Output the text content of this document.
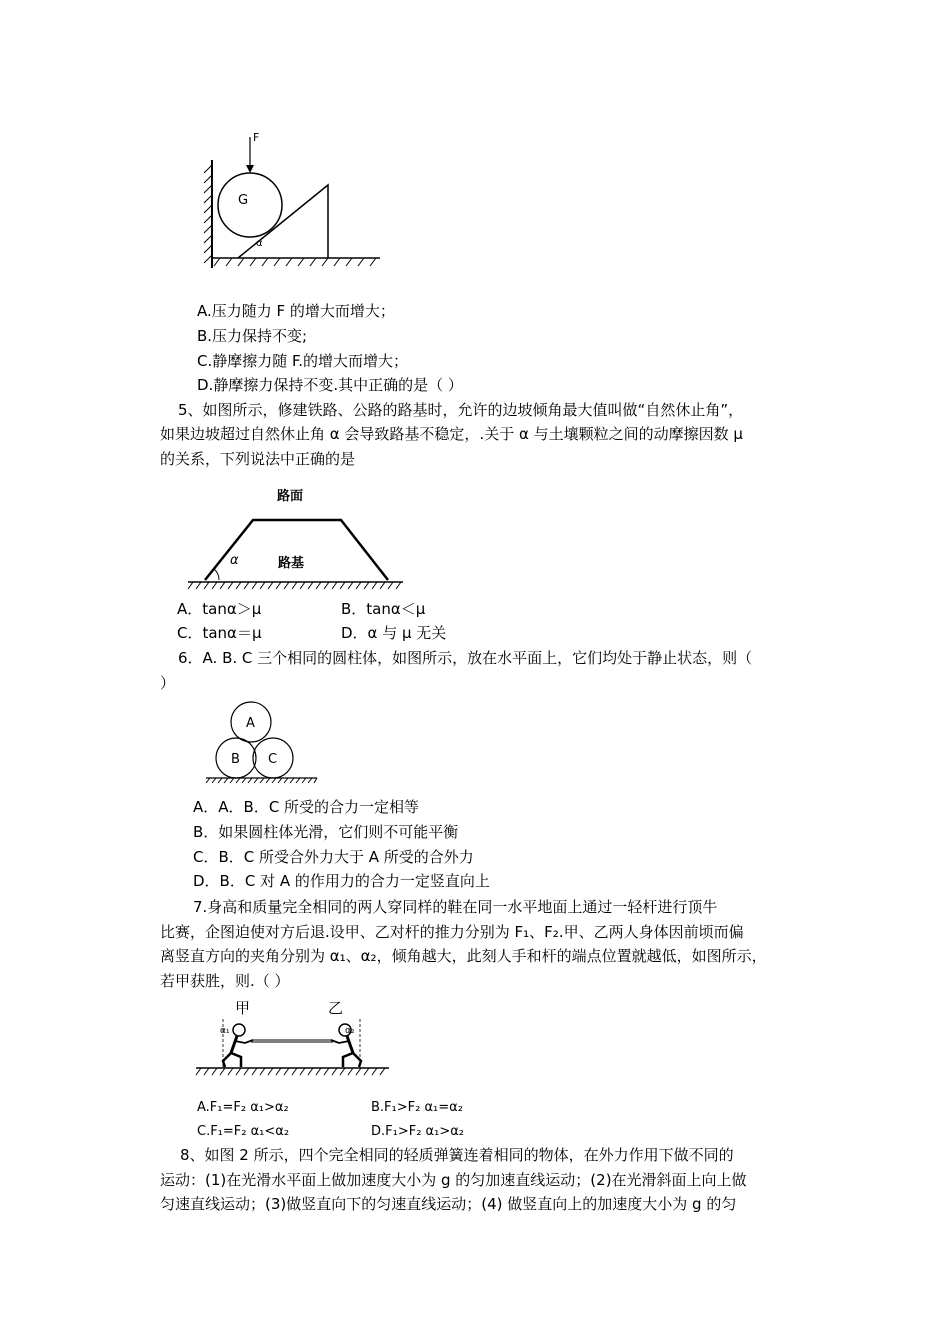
F
G
α
A.压力随力 F 的增大而增大；
B.压力保持不变;
C.静摩擦力随 F.的增大而增大；
D.静摩擦力保持不变.其中正确的是（ ）
5、如图所示，修建铁路、公路的路基时，允许的边坡倾角最大值叫做“自然休止角”，
如果边坡超过自然休止角 α 会导致路基不稳定，.关于 α 与土壤颗粒之间的动摩擦因数 μ
的关系，下列说法中正确的是
路面
α	路基
A．tanα＞μ	B．tanα＜μ
C．tanα＝μ	D．α 与 μ 无关
6．A. B. C 三个相同的圆柱体，如图所示，放在水平面上，它们均处于静止状态，则（
）
A
B C
A．A．B．C 所受的合力一定相等
B．如果圆柱体光滑，它们则不可能平衡
C．B．C 所受合外力大于 A 所受的合外力
D．B．C 对 A 的作用力的合力一定竖直向上
7.身高和质量完全相同的两人穿同样的鞋在同一水平地面上通过一轻杆进行顶牛
比赛，企图迫使对方后退.设甲、乙对杆的推力分别为 F₁、F₂.甲、乙两人身体因前顷而偏
离竖直方向的夹角分别为 α₁、α₂，倾角越大，此刻人手和杆的端点位置就越低，如图所示，
若甲获胜，则.（ ）
甲	乙
α₁	α₂
A.F₁=F₂ α₁>α₂	B.F₁>F₂ α₁=α₂
C.F₁=F₂ α₁<α₂	D.F₁>F₂ α₁>α₂
8、如图 2 所示，四个完全相同的轻质弹簧连着相同的物体，在外力作用下做不同的
运动：(1)在光滑水平面上做加速度大小为 g 的匀加速直线运动；(2)在光滑斜面上向上做
匀速直线运动；(3)做竖直向下的匀速直线运动；(4) 做竖直向上的加速度大小为 g 的匀
